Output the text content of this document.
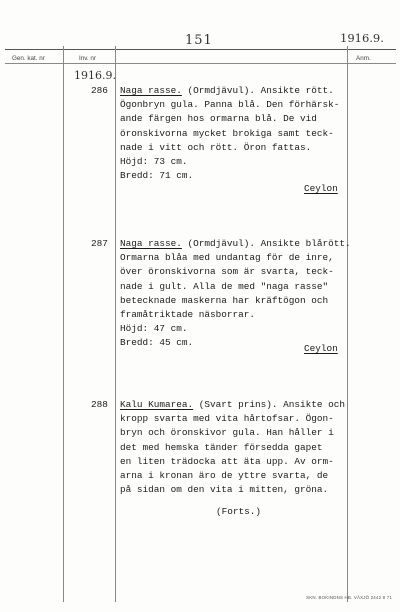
151	1916.9.
Gen. kat. nr	Inv. nr	Anm.
1916.9.
286 Naga rasse. (Ormdjävul). Ansikte rött.
Ögonbryn gula. Panna blå. Den förhärsk-
ande färgen hos ormarna blå. De vid
öronskivorna mycket brokiga samt teck-
nade i vitt och rött. Öron fattas.
Höjd: 73 cm.
Bredd: 71 cm.
Ceylon
287 Naga rasse. (Ormdjävul). Ansikte blårött.
Ormarna blåa med undantag för de inre,
över öronskivorna som är svarta, teck-
nade i gult. Alla de med "naga rasse"
betecknade maskerna har kräftögon och
framåtriktade näsborrar.
Höjd: 47 cm.
Bredd: 45 cm.
Ceylon
288 Kalu Kumarea. (Svart prins). Ansikte och
kropp svarta med vita hårtofsar. Ögon-
bryn och öronskivor gula. Han håller i
det med hemska tänder försedda gapet
en liten trädocka att äta upp. Av orm-
arna i kronan äro de yttre svarta, de
på sidan om den vita i mitten, gröna.
(Forts.)
SKN. BOKINDNS HB. VÄXJÖ 2442 8 71
